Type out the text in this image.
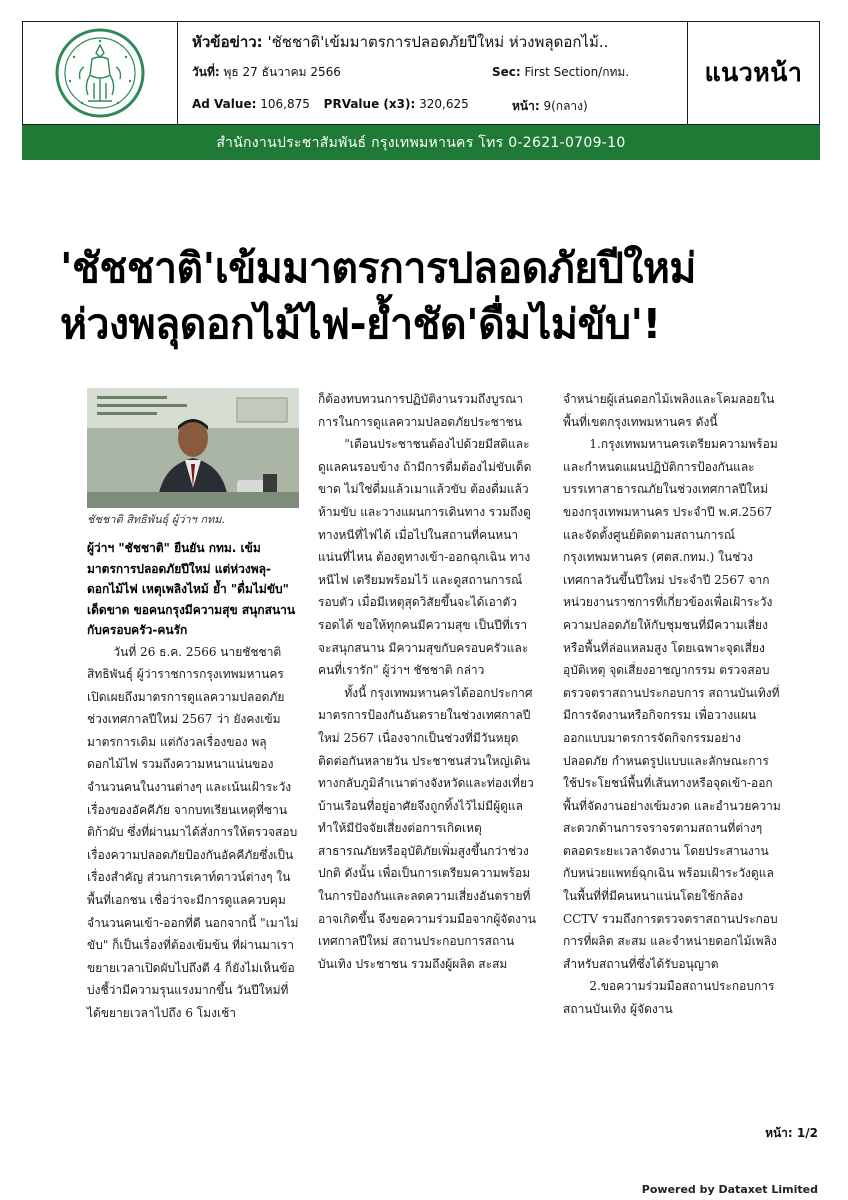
หัวข้อข่าว: 'ชัชชาติ'เข้มมาตรการปลอดภัยปีใหม่ ห่วงพลุดอกไม้..
วันที่: พุธ 27 ธันวาคม 2566	Sec: First Section/กทม.
Ad Value: 106,875 PRValue (x3): 320,625	หน้า: 9(กลาง)
แนวหน้า
สำนักงานประชาสัมพันธ์ กรุงเทพมหานคร โทร 0-2621-0709-10
'ชัชชาติ'เข้มมาตรการปลอดภัยปีใหม่
ห่วงพลุดอกไม้ไฟ-ย้ำชัด'ดื่มไม่ขับ'!
ชัชชาติ สิทธิพันธุ์ ผู้ว่าฯ กทม.

ผู้ว่าฯ "ชัชชาติ" ยืนยัน กทม. เข้มมาตรการปลอดภัยปีใหม่ แต่ห่วงพลุ-ดอกไม้ไฟ เหตุเพลิงไหม้ ย้ำ "ดื่มไม่ขับ" เด็ดขาด ขอคนกรุงมีความสุข สนุกสนานกับครอบครัว-คนรัก

วันที่ 26 ธ.ค. 2566 นายชัชชาติ สิทธิพันธุ์ ผู้ว่าราชการกรุงเทพมหานคร เปิดเผยถึงมาตรการดูแลความปลอดภัยช่วงเทศกาลปีใหม่ 2567 ว่า ยังคงเข้มมาตรการเดิม แต่กังวลเรื่องของ พลุ ดอกไม้ไฟ รวมถึงความหนาแน่นของจำนวนคนในงานต่างๆ และเน้นเฝ้าระวังเรื่องของอัคคีภัย จากบทเรียนเหตุที่ซานติก้าผับ ซึ่งที่ผ่านมาได้สั่งการให้ตรวจสอบเรื่องความปลอดภัยป้องกันอัคคีภัยซึ่งเป็นเรื่องสำคัญ ส่วนการเคาท์ดาวน์ต่างๆ ในพื้นที่เอกชน เชื่อว่าจะมีการดูแลควบคุมจำนวนคนเข้า-ออกที่ดี นอกจากนี้ "เมาไม่ขับ" ก็เป็นเรื่องที่ต้องเข้มข้น ที่ผ่านมาเราขยายเวลาเปิดผับไปถึงตี 4 ก็ยังไม่เห็นข้อบ่งชี้ว่ามีความรุนแรงมากขึ้น วันปีใหม่ที่ได้ขยายเวลาไปถึง 6 โมงเช้า

ก็ต้องทบทวนการปฏิบัติงานรวมถึงบูรณาการในการดูแลความปลอดภัยประชาชน

"เตือนประชาชนต้องไปด้วยมีสติและดูแลคนรอบข้าง ถ้ามีการดื่มต้องไม่ขับเด็ดขาด ไม่ใช่ดื่มแล้วเมาแล้วขับ ต้องดื่มแล้วห้ามขับ และวางแผนการเดินทาง รวมถึงดูทางหนีที่ไฟได้ เมื่อไปในสถานที่คนหนาแน่นที่ไหน ต้องดูทางเข้า-ออกฉุกเฉิน ทางหนีไฟ เตรียมพร้อมไว้ และดูสถานการณ์รอบตัว เมื่อมีเหตุสุดวิสัยขึ้นจะได้เอาตัวรอดได้ ขอให้ทุกคนมีความสุข เป็นปีที่เราจะสนุกสนาน มีความสุขกับครอบครัวและคนที่เรารัก" ผู้ว่าฯ ชัชชาติ กล่าว

ทั้งนี้ กรุงเทพมหานครได้ออกประกาศมาตรการป้องกันอันตรายในช่วงเทศกาลปีใหม่ 2567 เนื่องจากเป็นช่วงที่มีวันหยุดติดต่อกันหลายวัน ประชาชนส่วนใหญ่เดินทางกลับภูมิลำเนาต่างจังหวัดและท่องเที่ยว บ้านเรือนที่อยู่อาศัยจึงถูกทิ้งไว้ไม่มีผู้ดูแล ทำให้มีปัจจัยเสี่ยงต่อการเกิดเหตุสาธารณภัยหรืออุบัติภัยเพิ่มสูงขึ้นกว่าช่วงปกติ ดังนั้น เพื่อเป็นการเตรียมความพร้อมในการป้องกันและลดความเสี่ยงอันตรายที่อาจเกิดขึ้น จึงขอความร่วมมือจากผู้จัดงานเทศกาลปีใหม่ สถานประกอบการสถานบันเทิง ประชาชน รวมถึงผู้ผลิต สะสม

จำหน่ายผู้เล่นดอกไม้เพลิงและโคมลอยในพื้นที่เขตกรุงเทพมหานคร ดังนี้

1.กรุงเทพมหานครเตรียมความพร้อมและกำหนดแผนปฏิบัติการป้องกันและบรรเทาสาธารณภัยในช่วงเทศกาลปีใหม่ของกรุงเทพมหานคร ประจำปี พ.ศ.2567 และจัดตั้งศูนย์ติดตามสถานการณ์กรุงเทพมหานคร (ศตส.กทม.) ในช่วงเทศกาลวันขึ้นปีใหม่ ประจำปี 2567 จากหน่วยงานราชการที่เกี่ยวข้องเพื่อเฝ้าระวังความปลอดภัยให้กับชุมชนที่มีความเสี่ยงหรือพื้นที่ล่อแหลมสูง โดยเฉพาะจุดเสี่ยงอุบัติเหตุ จุดเสี่ยงอาชญากรรม ตรวจสอบตรวจตราสถานประกอบการ สถานบันเทิงที่มีการจัดงานหรือกิจกรรม เพื่อวางแผนออกแบบมาตรการจัดกิจกรรมอย่างปลอดภัย กำหนดรูปแบบและลักษณะการใช้ประโยชน์พื้นที่เส้นทางหรือจุดเข้า-ออกพื้นที่จัดงานอย่างเข้มงวด และอำนวยความสะดวกด้านการจราจรตามสถานที่ต่างๆ ตลอดระยะเวลาจัดงาน โดยประสานงานกับหน่วยแพทย์ฉุกเฉิน พร้อมเฝ้าระวังดูแลในพื้นที่ที่มีคนหนาแน่นโดยใช้กล้อง CCTV รวมถึงการตรวจตราสถานประกอบการที่ผลิต สะสม และจำหน่ายดอกไม้เพลิงสำหรับสถานที่ซึ่งได้รับอนุญาต

2.ขอความร่วมมือสถานประกอบการ สถานบันเทิง ผู้จัดงาน

หน้า: 1/2
Powered by Dataxet Limited
